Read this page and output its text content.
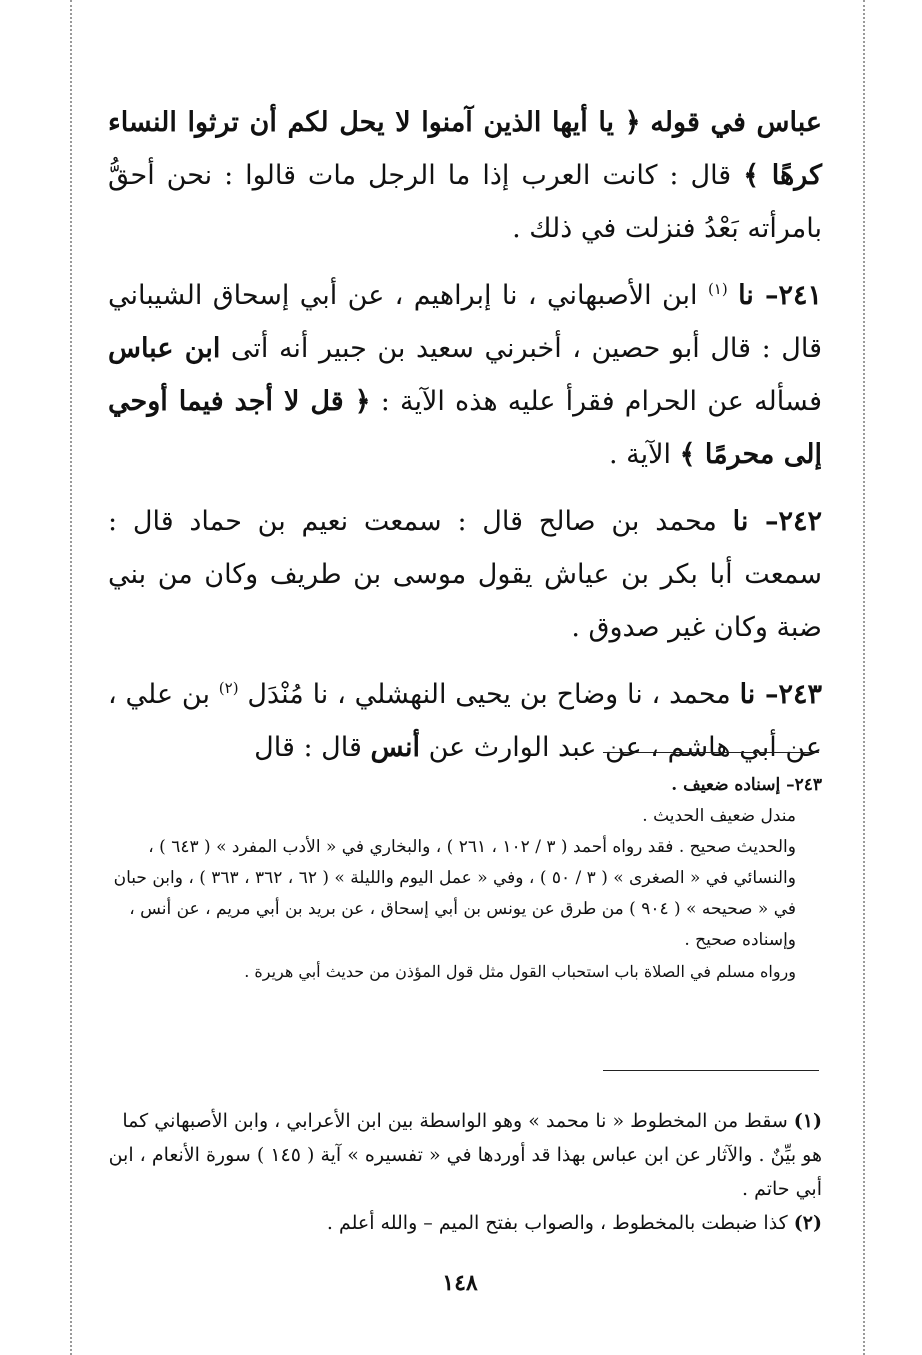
عباس في قوله ﴿ يا أيها الذين آمنوا لا يحل لكم أن ترثوا النساء كرهًا ﴾ قال : كانت العرب إذا ما الرجل مات قالوا : نحن أحقُّ بامرأته بَعْدُ فنزلت في ذلك .

٢٤١– نا $^{(١)}$ ابن الأصبهاني ، نا إبراهيم ، عن أبي إسحاق الشيباني قال : قال أبو حصين ، أخبرني سعيد بن جبير أنه أتى ابن عباس فسأله عن الحرام فقرأ عليه هذه الآية : ﴿ قل لا أجد فيما أوحي إلى محرمًا ﴾ الآية .

٢٤٢– نا محمد بن صالح قال : سمعت نعيم بن حماد قال : سمعت أبا بكر بن عياش يقول موسى بن طريف وكان من بني ضبة وكان غير صدوق .

٢٤٣– نا محمد ، نا وضاح بن يحيى النهشلي ، نا مُنْدَل $^{(٢)}$ بن علي ، عن أبي هاشم ، عن عبد الوارث عن أنس قال : قال

٢٤٣– إسناده ضعيف .

مندل ضعيف الحديث .

والحديث صحيح . فقد رواه أحمد ( ٣ / ١٠٢ ، ٢٦١ ) ، والبخاري في « الأدب المفرد » ( ٦٤٣ ) ، والنسائي في « الصغرى » ( ٣ / ٥٠ ) ، وفي « عمل اليوم والليلة » ( ٦٢ ، ٣٦٢ ، ٣٦٣ ) ، وابن حبان في « صحيحه » ( ٩٠٤ ) من طرق عن يونس بن أبي إسحاق ، عن بريد بن أبي مريم ، عن أنس ، وإسناده صحيح .

ورواه مسلم في الصلاة باب استحباب القول مثل قول المؤذن من حديث أبي هريرة .

(١) سقط من المخطوط « نا محمد » وهو الواسطة بين ابن الأعرابي ، وابن الأصبهاني كما هو بيِّنٌ . والآثار عن ابن عباس بهذا قد أوردها في « تفسيره » آية ( ١٤٥ ) سورة الأنعام ، ابن أبي حاتم .

(٢) كذا ضبطت بالمخطوط ، والصواب بفتح الميم – والله أعلم .

١٤٨
